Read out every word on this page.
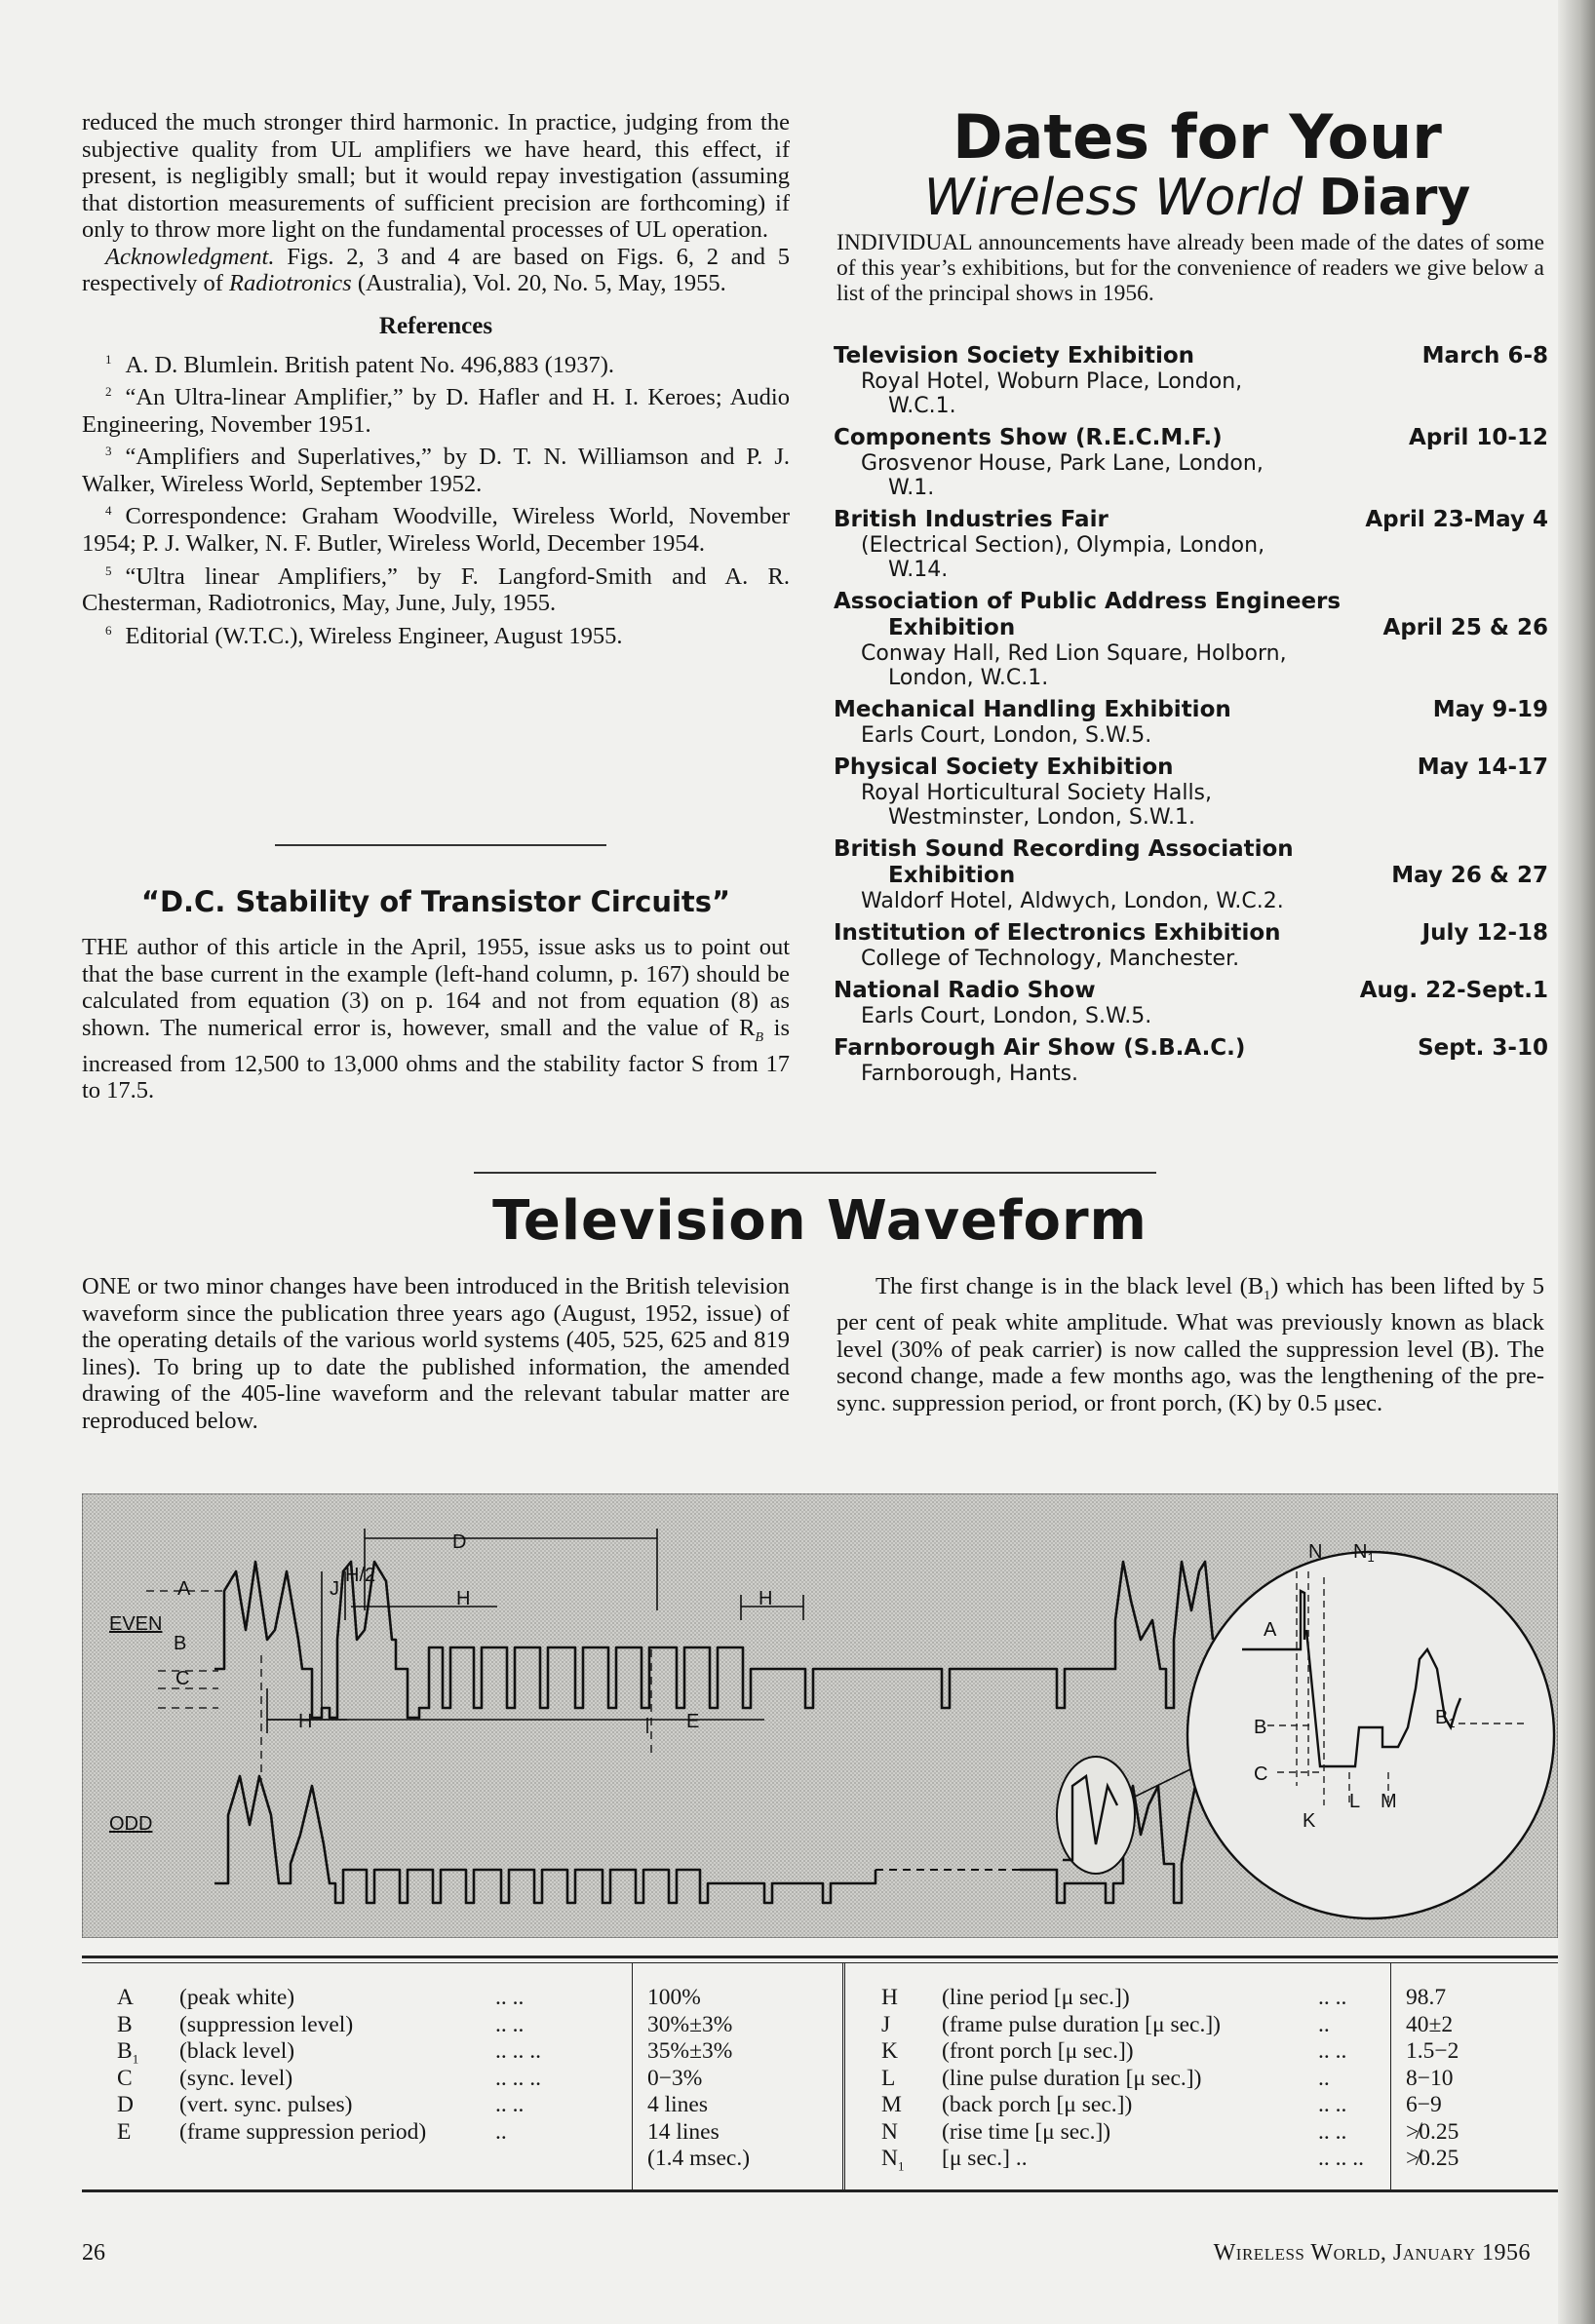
reduced the much stronger third harmonic. In practice, judging from the subjective quality from UL amplifiers we have heard, this effect, if present, is negligibly small; but it would repay investigation (assuming that distortion measurements of sufficient precision are forthcoming) if only to throw more light on the fundamental processes of UL operation.

Acknowledgment. Figs. 2, 3 and 4 are based on Figs. 6, 2 and 5 respectively of Radiotronics (Australia), Vol. 20, No. 5, May, 1955.

References

$^1$ A. D. Blumlein. British patent No. 496,883 (1937).

$^2$ “An Ultra-linear Amplifier,” by D. Hafler and H. I. Keroes; Audio Engineering, November 1951.

$^3$ “Amplifiers and Superlatives,” by D. T. N. Williamson and P. J. Walker, Wireless World, September 1952.

$^4$ Correspondence: Graham Woodville, Wireless World, November 1954; P. J. Walker, N. F. Butler, Wireless World, December 1954.

$^5$ “Ultra linear Amplifiers,” by F. Langford-Smith and A. R. Chesterman, Radiotronics, May, June, July, 1955.

$^6$ Editorial (W.T.C.), Wireless Engineer, August 1955.

“D.C. Stability of Transistor Circuits”

THE author of this article in the April, 1955, issue asks us to point out that the base current in the example (left-hand column, p. 167) should be calculated from equation (3) on p. 164 and not from equation (8) as shown. The numerical error is, however, small and the value of $R_B$ is increased from 12,500 to 13,000 ohms and the stability factor S from 17 to 17.5.

Dates for Your
Wireless World Diary

INDIVIDUAL announcements have already been made of the dates of some of this year’s exhibitions, but for the convenience of readers we give below a list of the principal shows in 1956.

Television Society Exhibition	March 6-8
Royal Hotel, Woburn Place, London,
W.C.1.
Components Show (R.E.C.M.F.)	April 10-12
Grosvenor House, Park Lane, London,
W.1.
British Industries Fair	April 23-May 4
(Electrical Section), Olympia, London,
W.14.
Association of Public Address Engineers
Exhibition	April 25 & 26
Conway Hall, Red Lion Square, Holborn,
London, W.C.1.
Mechanical Handling Exhibition	May 9-19
Earls Court, London, S.W.5.
Physical Society Exhibition	May 14-17
Royal Horticultural Society Halls,
Westminster, London, S.W.1.
British Sound Recording Association
Exhibition	May 26 & 27
Waldorf Hotel, Aldwych, London, W.C.2.
Institution of Electronics Exhibition	July 12-18
College of Technology, Manchester.
National Radio Show	Aug. 22-Sept.1
Earls Court, London, S.W.5.
Farnborough Air Show (S.B.A.C.)	Sept. 3-10
Farnborough, Hants.
Television Waveform

ONE or two minor changes have been introduced in the British television waveform since the publication three years ago (August, 1952, issue) of the operating details of the various world systems (405, 525, 625 and 819 lines). To bring up to date the published information, the amended drawing of the 405-line waveform and the relevant tabular matter are reproduced below.

The first change is in the black level $(B_1)$ which has been lifted by 5 per cent of peak white amplitude. What was previously known as black level (30% of peak carrier) is now called the suppression level (B). The second change, made a few months ago, was the lengthening of the pre-sync. suppression period, or front porch, (K) by 0.5 μsec.

D
A
EVEN
B
C
J
H/2
H	H
H	E
ODD
N $N_1$
A
B
C
$B_1$
K
L M
A (peak white)	.. ..	100%
B (suppression level)	.. ..	30%±3%
$B_1$ (black level)	.. .. ..	35%±3%
C (sync. level)	.. .. ..	0−3%
D (vert. sync. pulses)	.. ..	4 lines
E (frame suppression period)	..	14 lines
(1.4 msec.)
H (line period [μ sec.])	.. ..	98.7
J (frame pulse duration [μ sec.])	..	40±2
K (front porch [μ sec.])	.. ..	1.5−2
L (line pulse duration [μ sec.])	..	8−10
M (back porch [μ sec.])	.. ..	6−9
N (rise time [μ sec.])	.. ..	≯0.25
$N_1$ [μ sec.] ..	.. .. .. ≯0.25
26	Wireless World, January 1956
